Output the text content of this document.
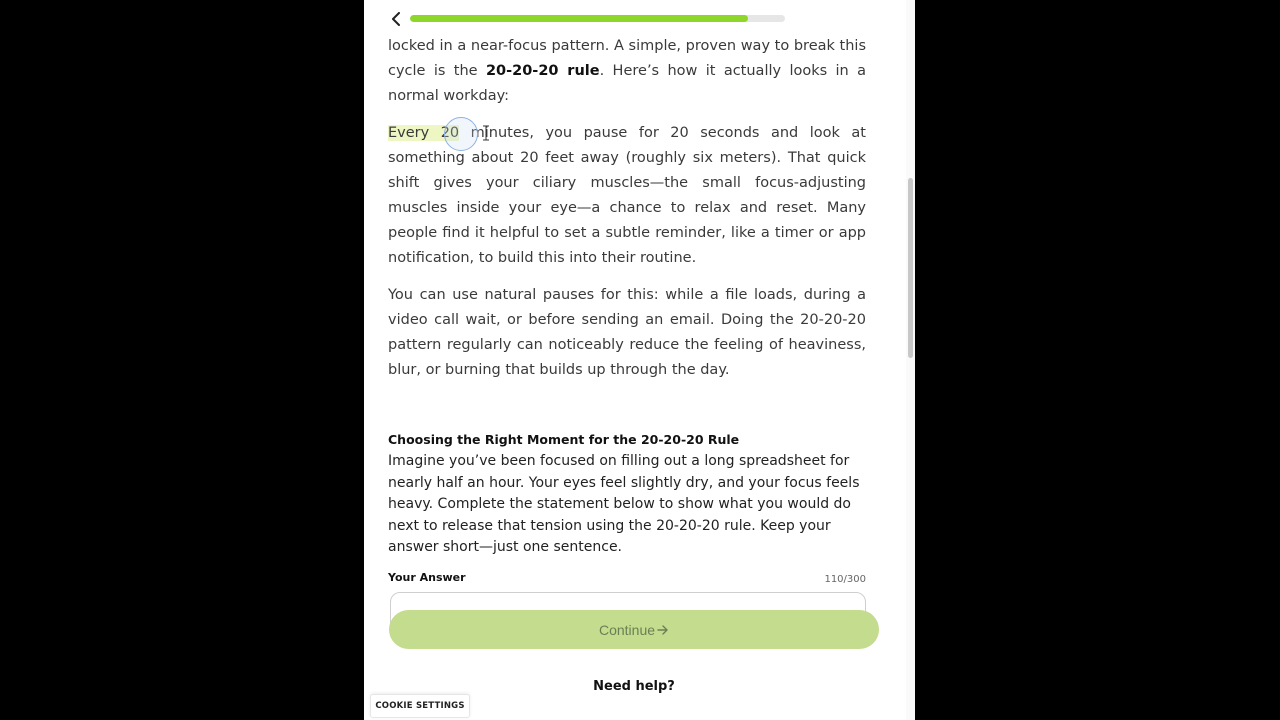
locked in a near-focus pattern. A simple, proven way to break this cycle is the 20-20-20 rule. Here’s how it actually looks in a normal workday:

Every 20 minutes, you pause for 20 seconds and look at something about 20 feet away (roughly six meters). That quick shift gives your ciliary muscles—the small focus-adjusting muscles inside your eye—a chance to relax and reset. Many people find it helpful to set a subtle reminder, like a timer or app notification, to build this into their routine.

You can use natural pauses for this: while a file loads, during a video call wait, or before sending an email. Doing the 20-20-20 pattern regularly can noticeably reduce the feeling of heaviness, blur, or burning that builds up through the day.

Choosing the Right Moment for the 20-20-20 Rule

Imagine you’ve been focused on filling out a long spreadsheet for nearly half an hour. Your eyes feel slightly dry, and your focus feels heavy. Complete the statement below to show what you would do next to release that tension using the 20-20-20 rule. Keep your answer short—just one sentence.

Your Answer	110/300
Continue
Need help?
COOKIE SETTINGS
